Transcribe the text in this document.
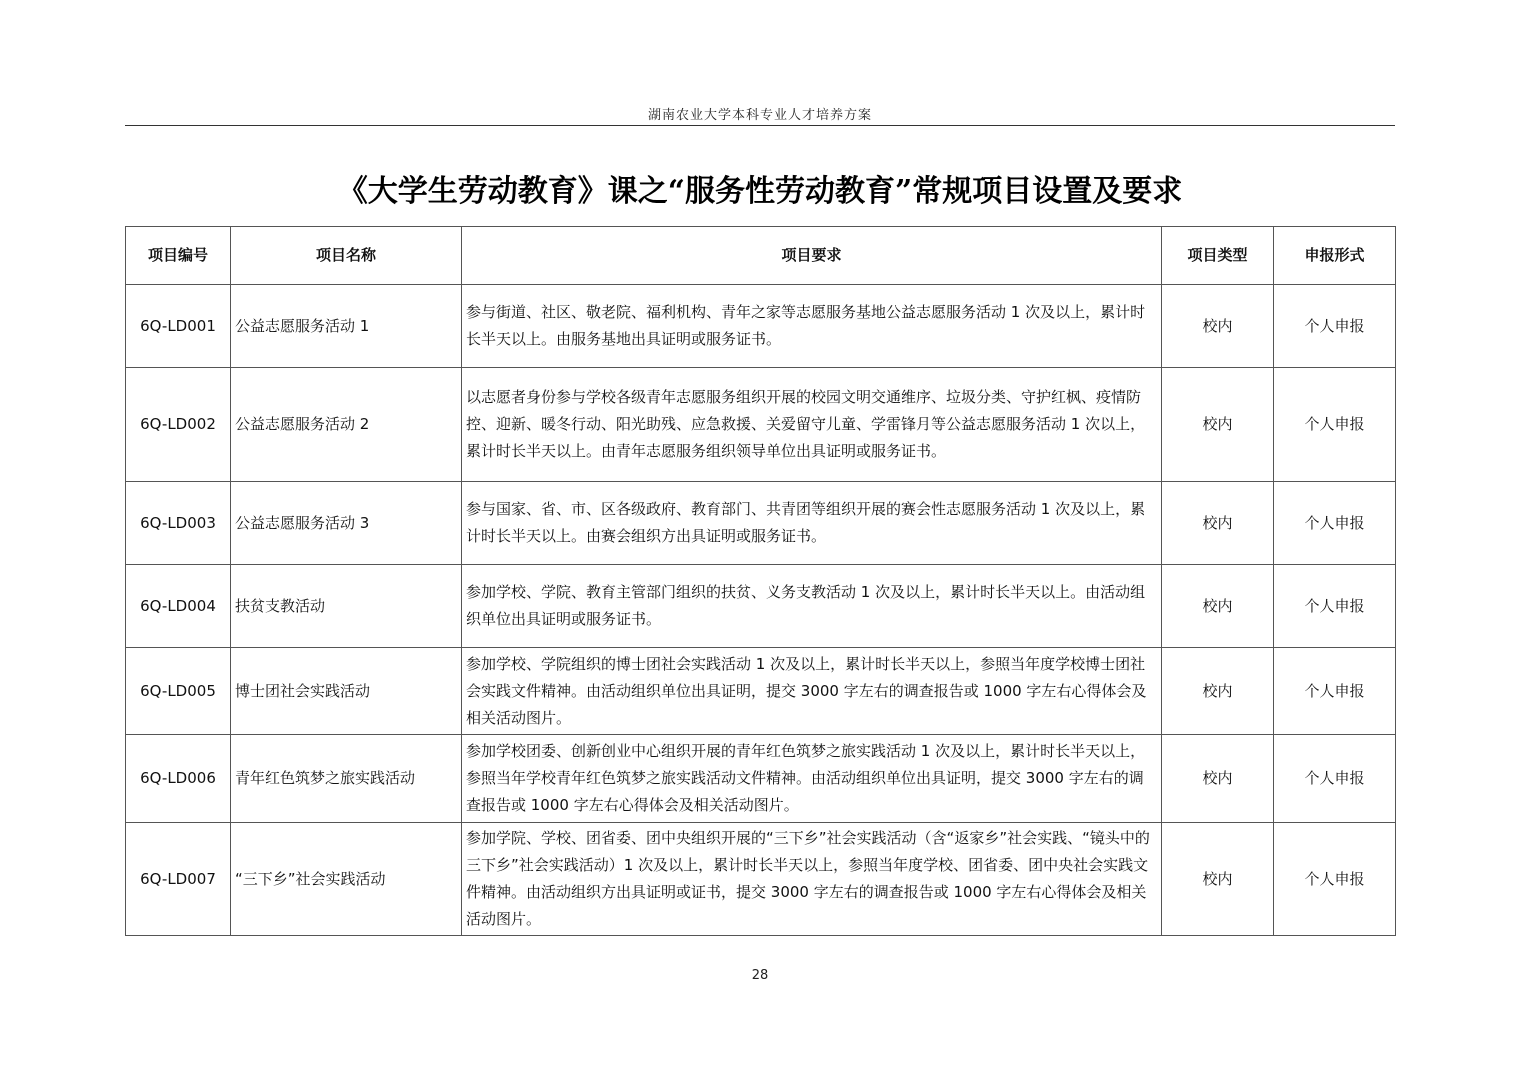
湖南农业大学本科专业人才培养方案
《大学生劳动教育》课之“服务性劳动教育”常规项目设置及要求
项目编号	项目名称	项目要求	项目类型	申报形式
6Q-LD001	公益志愿服务活动 1	参与街道、社区、敬老院、福利机构、青年之家等志愿服务基地公益志愿服务活动 1 次及以上，累计时长半天以上。由服务基地出具证明或服务证书。	校内	个人申报
6Q-LD002	公益志愿服务活动 2	以志愿者身份参与学校各级青年志愿服务组织开展的校园文明交通维序、垃圾分类、守护红枫、疫情防控、迎新、暖冬行动、阳光助残、应急救援、关爱留守儿童、学雷锋月等公益志愿服务活动 1 次以上，累计时长半天以上。由青年志愿服务组织领导单位出具证明或服务证书。	校内	个人申报
6Q-LD003	公益志愿服务活动 3	参与国家、省、市、区各级政府、教育部门、共青团等组织开展的赛会性志愿服务活动 1 次及以上，累计时长半天以上。由赛会组织方出具证明或服务证书。	校内	个人申报
6Q-LD004	扶贫支教活动	参加学校、学院、教育主管部门组织的扶贫、义务支教活动 1 次及以上，累计时长半天以上。由活动组织单位出具证明或服务证书。	校内	个人申报
6Q-LD005	博士团社会实践活动	参加学校、学院组织的博士团社会实践活动 1 次及以上，累计时长半天以上，参照当年度学校博士团社会实践文件精神。由活动组织单位出具证明，提交 3000 字左右的调查报告或 1000 字左右心得体会及相关活动图片。	校内	个人申报
6Q-LD006	青年红色筑梦之旅实践活动	参加学校团委、创新创业中心组织开展的青年红色筑梦之旅实践活动 1 次及以上，累计时长半天以上，参照当年学校青年红色筑梦之旅实践活动文件精神。由活动组织单位出具证明，提交 3000 字左右的调查报告或 1000 字左右心得体会及相关活动图片。	校内	个人申报
6Q-LD007	“三下乡”社会实践活动	参加学院、学校、团省委、团中央组织开展的“三下乡”社会实践活动（含“返家乡”社会实践、“镜头中的三下乡”社会实践活动）1 次及以上，累计时长半天以上，参照当年度学校、团省委、团中央社会实践文件精神。由活动组织方出具证明或证书，提交 3000 字左右的调查报告或 1000 字左右心得体会及相关活动图片。	校内	个人申报
28
